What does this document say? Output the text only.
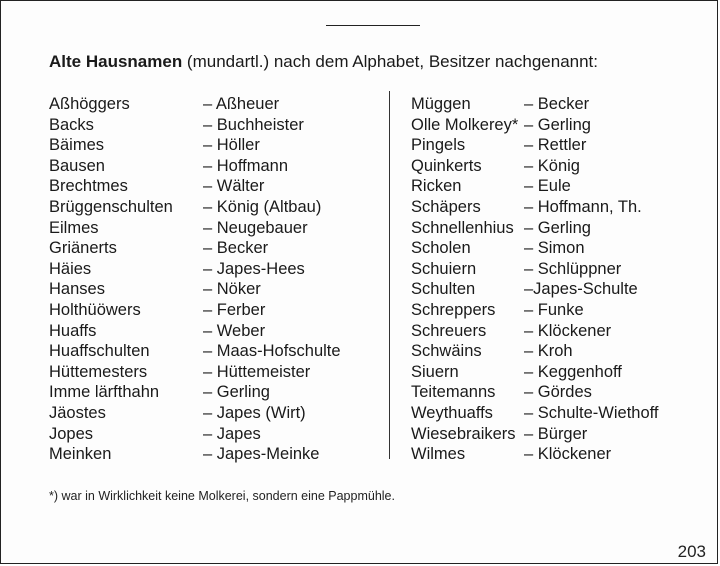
Alte Hausnamen (mundartl.) nach dem Alphabet, Besitzer nachgenannt:
Aßhöggers	– Aßheuer
Backs	– Buchheister
Bäimes	– Höller
Bausen	– Hoffmann
Brechtmes	– Wälter
Brüggenschulten – König (Altbau)
Eilmes	– Neugebauer
Griänerts	– Becker
Häies	– Japes-Hees
Hanses	– Nöker
Holthüöwers	– Ferber
Huaffs	– Weber
Huaffschulten	– Maas-Hofschulte
Hüttemesters	– Hüttemeister
Imme lärfthahn	– Gerling
Jäostes	– Japes (Wirt)
Jopes	– Japes
Meinken	– Japes-Meinke
Müggen	– Becker
Olle Molkerey* – Gerling
Pingels	– Rettler
Quinkerts	– König
Ricken	– Eule
Schäpers	– Hoffmann, Th.
Schnellenhius – Gerling
Scholen	– Simon
Schuiern	– Schlüppner
Schulten	–Japes-Schulte
Schreppers – Funke
Schreuers – Klöckener
Schwäins	– Kroh
Siuern	– Keggenhoff
Teitemanns – Gördes
Weythuaffs – Schulte-Wiethoff
Wiesebraikers – Bürger
Wilmes	– Klöckener
*) war in Wirklichkeit keine Molkerei, sondern eine Pappmühle.
203
